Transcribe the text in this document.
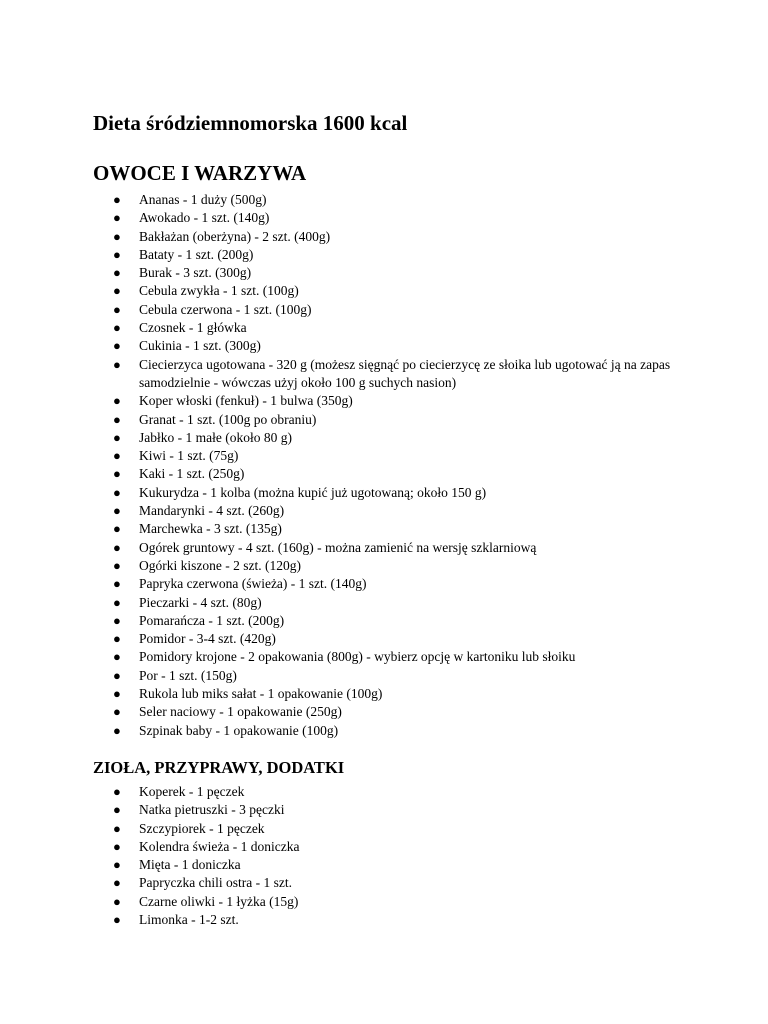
Dieta śródziemnomorska 1600 kcal
OWOCE I WARZYWA
● Ananas - 1 duży (500g)
● Awokado - 1 szt. (140g)
● Bakłażan (oberżyna) - 2 szt. (400g)
● Bataty - 1 szt. (200g)
● Burak - 3 szt. (300g)
● Cebula zwykła - 1 szt. (100g)
● Cebula czerwona - 1 szt. (100g)
● Czosnek - 1 główka
● Cukinia - 1 szt. (300g)
● Ciecierzyca ugotowana - 320 g (możesz sięgnąć po ciecierzycę ze słoika lub ugotować ją na zapas samodzielnie - wówczas użyj około 100 g suchych nasion)
● Koper włoski (fenkuł) - 1 bulwa (350g)
● Granat - 1 szt. (100g po obraniu)
● Jabłko - 1 małe (około 80 g)
● Kiwi - 1 szt. (75g)
● Kaki - 1 szt. (250g)
● Kukurydza - 1 kolba (można kupić już ugotowaną; około 150 g)
● Mandarynki - 4 szt. (260g)
● Marchewka - 3 szt. (135g)
● Ogórek gruntowy - 4 szt. (160g) - można zamienić na wersję szklarniową
● Ogórki kiszone - 2 szt. (120g)
● Papryka czerwona (świeża) - 1 szt. (140g)
● Pieczarki - 4 szt. (80g)
● Pomarańcza - 1 szt. (200g)
● Pomidor - 3-4 szt. (420g)
● Pomidory krojone - 2 opakowania (800g) - wybierz opcję w kartoniku lub słoiku
● Por - 1 szt. (150g)
● Rukola lub miks sałat - 1 opakowanie (100g)
● Seler naciowy - 1 opakowanie (250g)
● Szpinak baby - 1 opakowanie (100g)
ZIOŁA, PRZYPRAWY, DODATKI
● Koperek - 1 pęczek
● Natka pietruszki - 3 pęczki
● Szczypiorek - 1 pęczek
● Kolendra świeża - 1 doniczka
● Mięta - 1 doniczka
● Papryczka chili ostra - 1 szt.
● Czarne oliwki - 1 łyżka (15g)
● Limonka - 1-2 szt.
